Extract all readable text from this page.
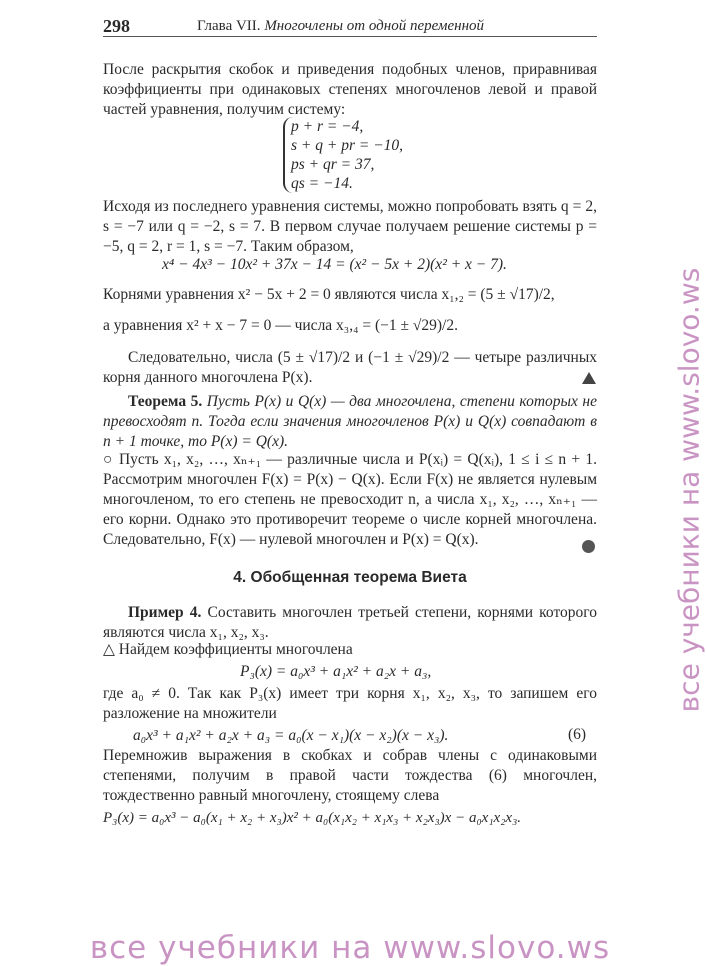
298	Глава VII. Многочлены от одной переменной

После раскрытия скобок и приведения подобных членов, приравнивая коэффициенты при одинаковых степенях многочленов левой и правой частей уравнения, получим систему:

p + r = −4,
s + q + pr = −10,
ps + qr = 37,
qs = −14.

Исходя из последнего уравнения системы, можно попробовать взять q = 2, s = −7 или q = −2, s = 7. В первом случае получаем решение системы p = −5, q = 2, r = 1, s = −7. Таким образом,

x⁴ − 4x³ − 10x² + 37x − 14 = (x² − 5x + 2)(x² + x − 7).

Корнями уравнения x² − 5x + 2 = 0 являются числа x₁,₂ = (5 ± √17)/2,

а уравнения x² + x − 7 = 0 — числа x₃,₄ = (−1 ± √29)/2.

Следовательно, числа (5 ± √17)/2 и (−1 ± √29)/2 — четыре различных корня данного многочлена P(x).

Теорема 5. Пусть P(x) и Q(x) — два многочлена, степени которых не превосходят n. Тогда если значения многочленов P(x) и Q(x) совпадают в n + 1 точке, то P(x) = Q(x).

○ Пусть x₁, x₂, …, xₙ₊₁ — различные числа и P(xᵢ) = Q(xᵢ), 1 ≤ i ≤ n + 1. Рассмотрим многочлен F(x) = P(x) − Q(x). Если F(x) не является нулевым многочленом, то его степень не превосходит n, а числа x₁, x₂, …, xₙ₊₁ — его корни. Однако это противоречит теореме о числе корней многочлена. Следовательно, F(x) — нулевой многочлен и P(x) = Q(x).

4. Обобщенная теорема Виета

Пример 4. Составить многочлен третьей степени, корнями которого являются числа x₁, x₂, x₃.

△ Найдем коэффициенты многочлена

P₃(x) = a₀x³ + a₁x² + a₂x + a₃,

где a₀ ≠ 0. Так как P₃(x) имеет три корня x₁, x₂, x₃, то запишем его разложение на множители

a₀x³ + a₁x² + a₂x + a₃ = a₀(x − x₁)(x − x₂)(x − x₃).	(6)

Перемножив выражения в скобках и собрав члены с одинаковыми степенями, получим в правой части тождества (6) многочлен, тождественно равный многочлену, стоящему слева

P₃(x) = a₀x³ − a₀(x₁ + x₂ + x₃)x² + a₀(x₁x₂ + x₁x₃ + x₂x₃)x − a₀x₁x₂x₃.
все учебники на www.slovo.ws
все учебники на www.slovo.ws
